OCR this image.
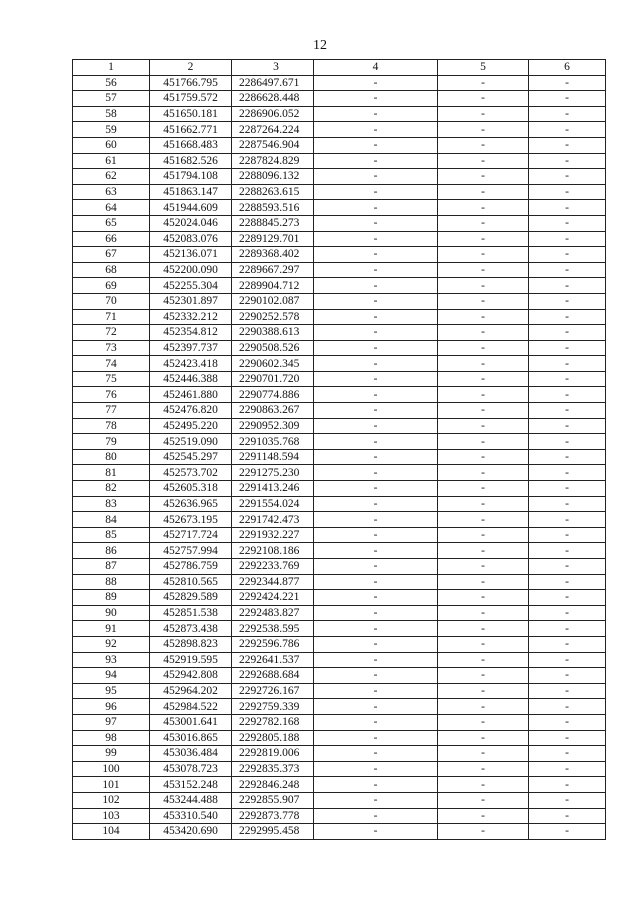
12
1	2	3	4	5	6
56	451766.795	2286497.671	-	-	-
57	451759.572	2286628.448	-	-	-
58	451650.181	2286906.052	-	-	-
59	451662.771	2287264.224	-	-	-
60	451668.483	2287546.904	-	-	-
61	451682.526	2287824.829	-	-	-
62	451794.108	2288096.132	-	-	-
63	451863.147	2288263.615	-	-	-
64	451944.609	2288593.516	-	-	-
65	452024.046	2288845.273	-	-	-
66	452083.076	2289129.701	-	-	-
67	452136.071	2289368.402	-	-	-
68	452200.090	2289667.297	-	-	-
69	452255.304	2289904.712	-	-	-
70	452301.897	2290102.087	-	-	-
71	452332.212	2290252.578	-	-	-
72	452354.812	2290388.613	-	-	-
73	452397.737	2290508.526	-	-	-
74	452423.418	2290602.345	-	-	-
75	452446.388	2290701.720	-	-	-
76	452461.880	2290774.886	-	-	-
77	452476.820	2290863.267	-	-	-
78	452495.220	2290952.309	-	-	-
79	452519.090	2291035.768	-	-	-
80	452545.297	2291148.594	-	-	-
81	452573.702	2291275.230	-	-	-
82	452605.318	2291413.246	-	-	-
83	452636.965	2291554.024	-	-	-
84	452673.195	2291742.473	-	-	-
85	452717.724	2291932.227	-	-	-
86	452757.994	2292108.186	-	-	-
87	452786.759	2292233.769	-	-	-
88	452810.565	2292344.877	-	-	-
89	452829.589	2292424.221	-	-	-
90	452851.538	2292483.827	-	-	-
91	452873.438	2292538.595	-	-	-
92	452898.823	2292596.786	-	-	-
93	452919.595	2292641.537	-	-	-
94	452942.808	2292688.684	-	-	-
95	452964.202	2292726.167	-	-	-
96	452984.522	2292759.339	-	-	-
97	453001.641	2292782.168	-	-	-
98	453016.865	2292805.188	-	-	-
99	453036.484	2292819.006	-	-	-
100	453078.723	2292835.373	-	-	-
101	453152.248	2292846.248	-	-	-
102	453244.488	2292855.907	-	-	-
103	453310.540	2292873.778	-	-	-
104	453420.690	2292995.458	-	-	-
